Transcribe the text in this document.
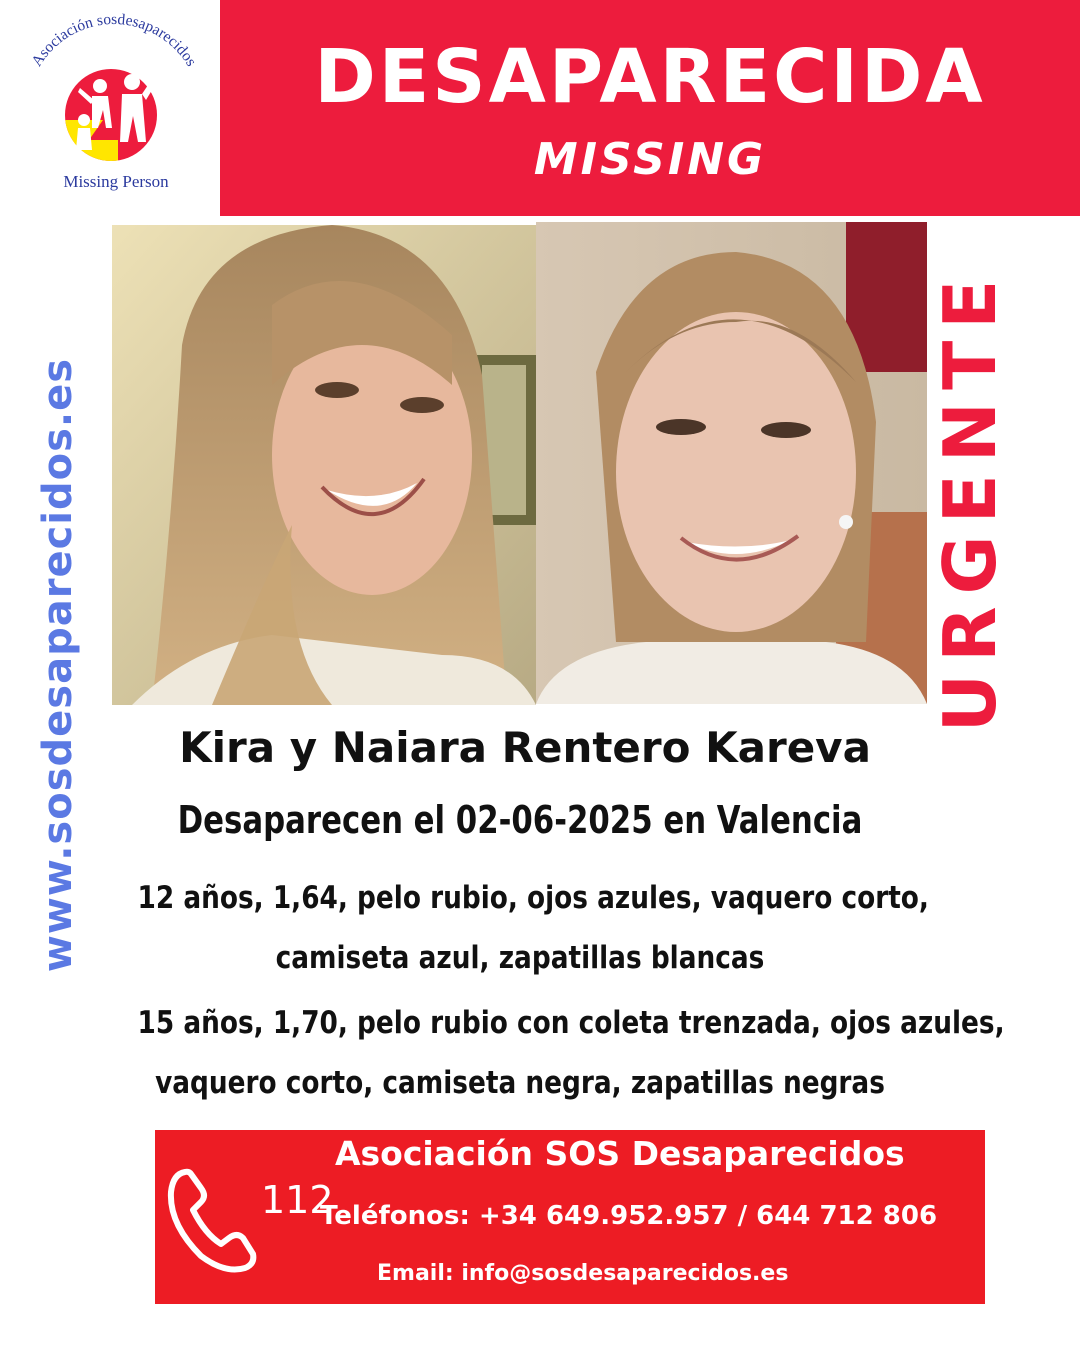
Asociación sosdesaparecidos
Missing Person
DESAPARECIDA
MISSING
www.sosdesaparecidos.es	URGENTE
Kira y Naiara Rentero Kareva
Desaparecen el 02-06-2025 en Valencia
12 años, 1,64, pelo rubio, ojos azules, vaquero corto,
camiseta azul, zapatillas blancas
15 años, 1,70, pelo rubio con coleta trenzada, ojos azules,
vaquero corto, camiseta negra, zapatillas negras
112
Asociación SOS Desaparecidos
Teléfonos: +34 649.952.957 / 644 712 806
Email: info@sosdesaparecidos.es
